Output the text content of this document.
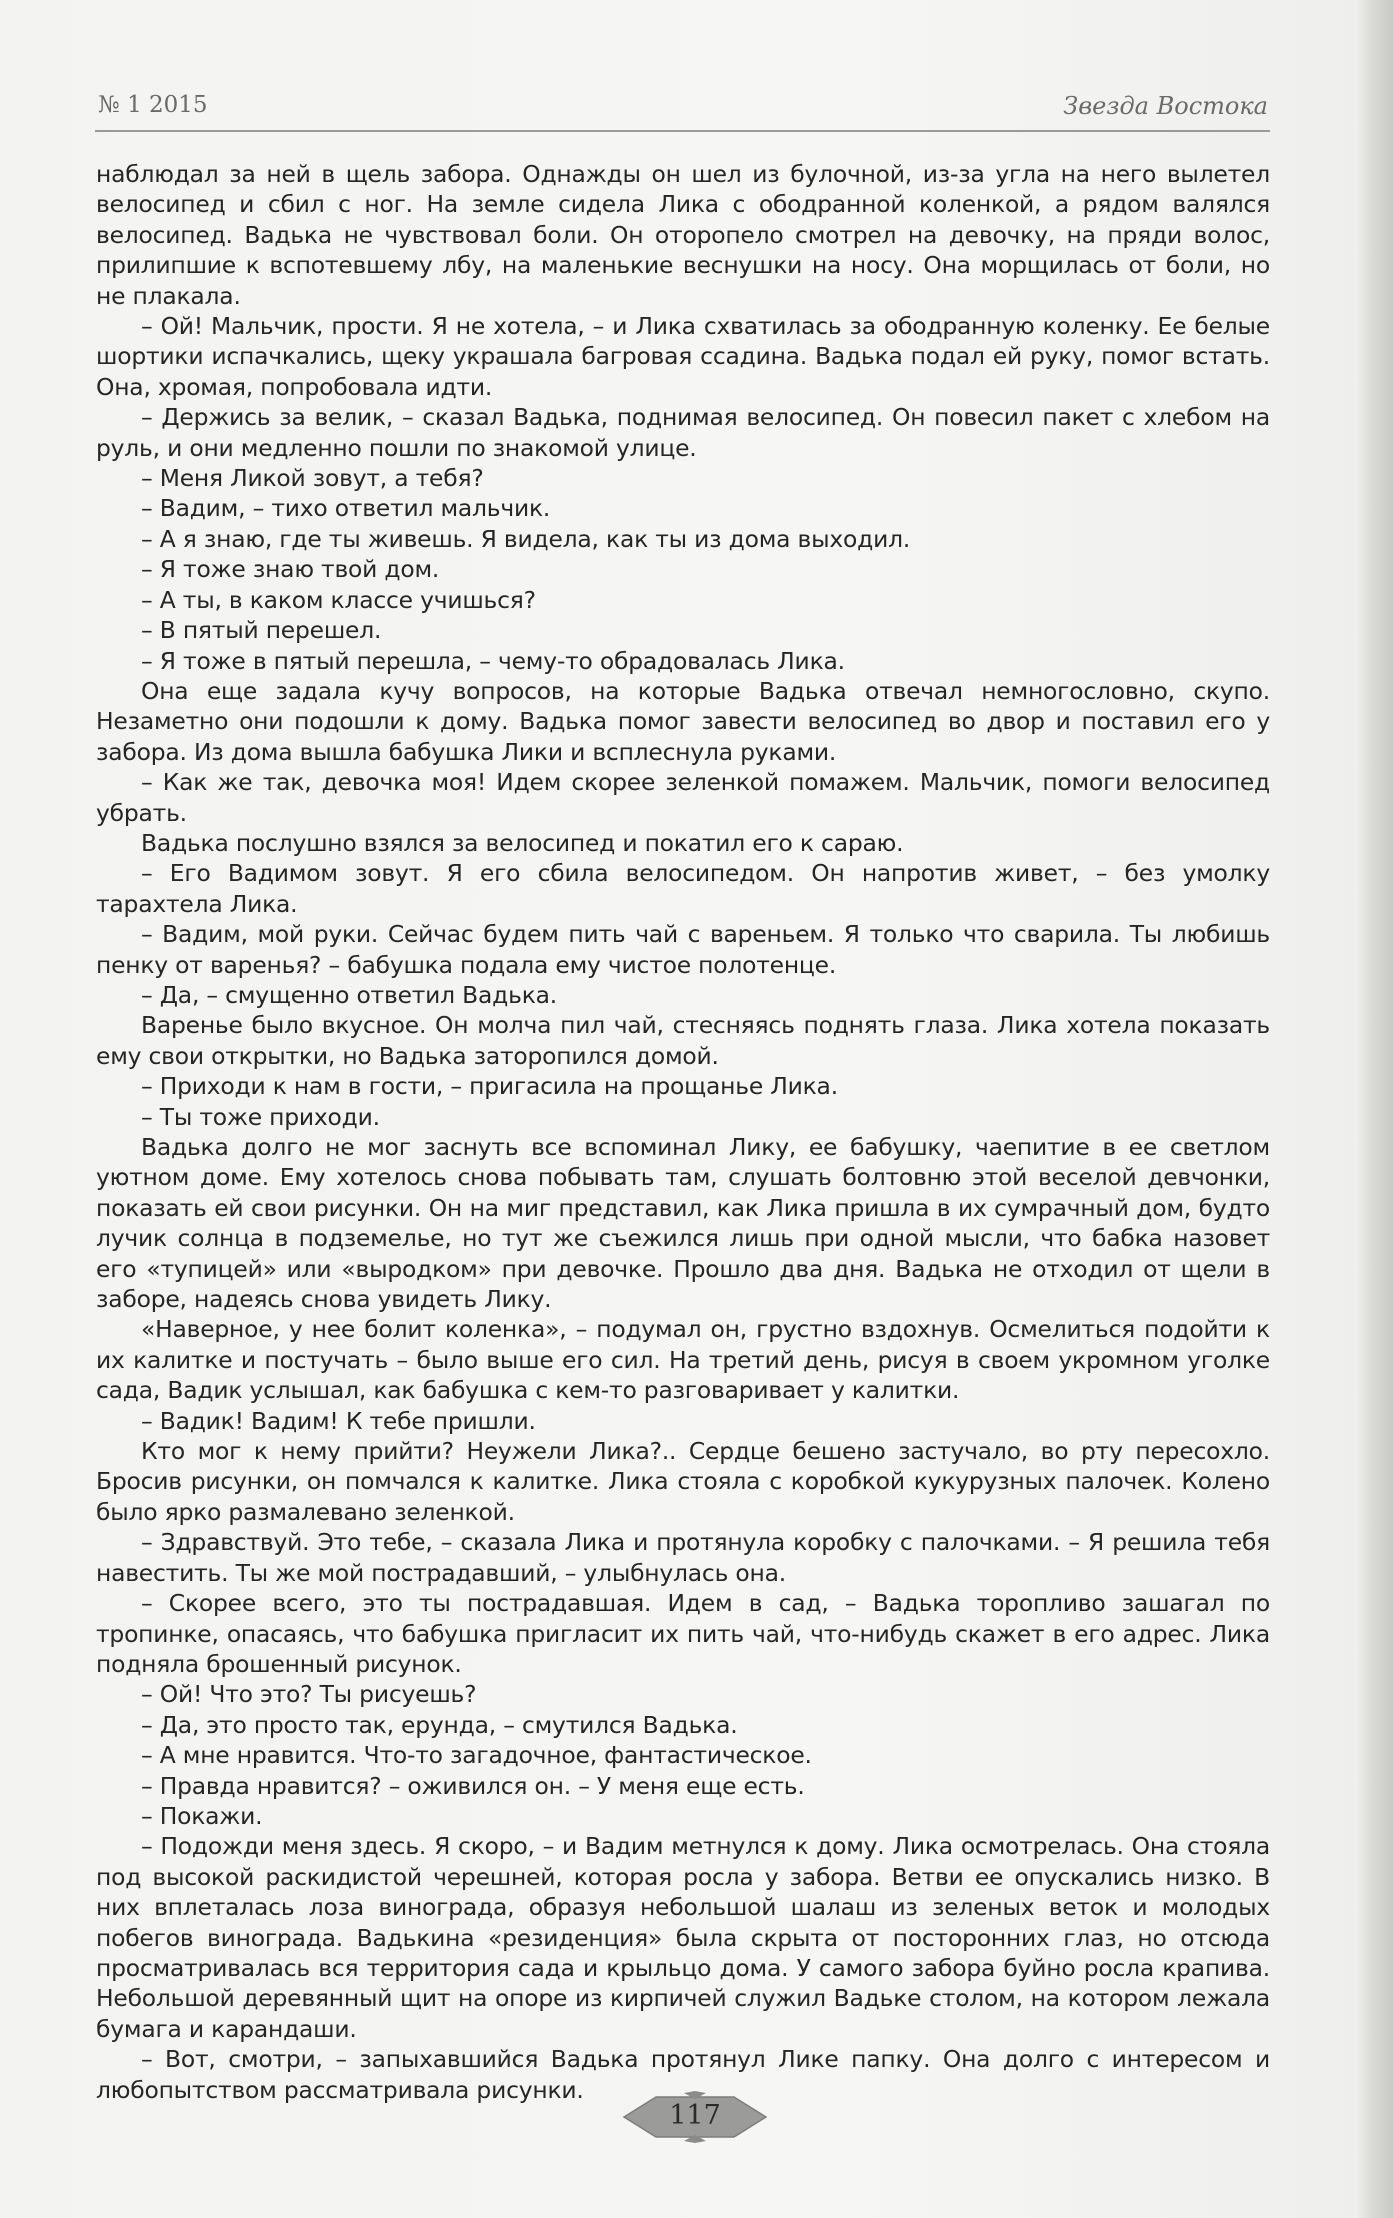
№ 1 2015	Звезда Востока

наблюдал за ней в щель забора. Однажды он шел из булочной, из-за угла на него вылетел велосипед и сбил с ног. На земле сидела Лика с ободранной коленкой, а рядом валялся велосипед. Вадька не чувствовал боли. Он оторопело смотрел на девочку, на пряди волос, прилипшие к вспотевшему лбу, на маленькие веснушки на носу. Она морщилась от боли, но не плакала.

– Ой! Мальчик, прости. Я не хотела, – и Лика схватилась за ободранную коленку. Ее белые шортики испачкались, щеку украшала багровая ссадина. Вадька подал ей руку, помог встать. Она, хромая, попробовала идти.

– Держись за велик, – сказал Вадька, поднимая велосипед. Он повесил пакет с хлебом на руль, и они медленно пошли по знакомой улице.

– Меня Ликой зовут, а тебя?

– Вадим, – тихо ответил мальчик.

– А я знаю, где ты живешь. Я видела, как ты из дома выходил.

– Я тоже знаю твой дом.

– А ты, в каком классе учишься?

– В пятый перешел.

– Я тоже в пятый перешла, – чему-то обрадовалась Лика.

Она еще задала кучу вопросов, на которые Вадька отвечал немногословно, скупо. Незаметно они подошли к дому. Вадька помог завести велосипед во двор и поставил его у забора. Из дома вышла бабушка Лики и всплеснула руками.

– Как же так, девочка моя! Идем скорее зеленкой помажем. Мальчик, помоги велосипед убрать.

Вадька послушно взялся за велосипед и покатил его к сараю.

– Его Вадимом зовут. Я его сбила велосипедом. Он напротив живет, – без умолку тарахтела Лика.

– Вадим, мой руки. Сейчас будем пить чай с вареньем. Я только что сварила. Ты любишь пенку от варенья? – бабушка подала ему чистое полотенце.

– Да, – смущенно ответил Вадька.

Варенье было вкусное. Он молча пил чай, стесняясь поднять глаза. Лика хотела показать ему свои открытки, но Вадька заторопился домой.

– Приходи к нам в гости, – пригасила на прощанье Лика.

– Ты тоже приходи.

Вадька долго не мог заснуть все вспоминал Лику, ее бабушку, чаепитие в ее светлом уютном доме. Ему хотелось снова побывать там, слушать болтовню этой веселой девчонки, показать ей свои рисунки. Он на миг представил, как Лика пришла в их сумрачный дом, будто лучик солнца в подземелье, но тут же съежился лишь при одной мысли, что бабка назовет его «тупицей» или «выродком» при девочке. Прошло два дня. Вадька не отходил от щели в заборе, надеясь снова увидеть Лику.

«Наверное, у нее болит коленка», – подумал он, грустно вздохнув. Осмелиться подойти к их калитке и постучать – было выше его сил. На третий день, рисуя в своем укромном уголке сада, Вадик услышал, как бабушка с кем-то разговаривает у калитки.

– Вадик! Вадим! К тебе пришли.

Кто мог к нему прийти? Неужели Лика?.. Сердце бешено застучало, во рту пересохло. Бросив рисунки, он помчался к калитке. Лика стояла с коробкой кукурузных палочек. Колено было ярко размалевано зеленкой.

– Здравствуй. Это тебе, – сказала Лика и протянула коробку с палочками. – Я решила тебя навестить. Ты же мой пострадавший, – улыбнулась она.

– Скорее всего, это ты пострадавшая. Идем в сад, – Вадька торопливо зашагал по тропинке, опасаясь, что бабушка пригласит их пить чай, что-нибудь скажет в его адрес. Лика подняла брошенный рисунок.

– Ой! Что это? Ты рисуешь?

– Да, это просто так, ерунда, – смутился Вадька.

– А мне нравится. Что-то загадочное, фантастическое.

– Правда нравится? – оживился он. – У меня еще есть.

– Покажи.

– Подожди меня здесь. Я скоро, – и Вадим метнулся к дому. Лика осмотрелась. Она стояла под высокой раскидистой черешней, которая росла у забора. Ветви ее опускались низко. В них вплеталась лоза винограда, образуя небольшой шалаш из зеленых веток и молодых побегов винограда. Вадькина «резиденция» была скрыта от посторонних глаз, но отсюда просматривалась вся территория сада и крыльцо дома. У самого забора буйно росла крапива. Небольшой деревянный щит на опоре из кирпичей служил Вадьке столом, на котором лежала бумага и карандаши.

– Вот, смотри, – запыхавшийся Вадька протянул Лике папку. Она долго с интересом и любопытством рассматривала рисунки.

117
